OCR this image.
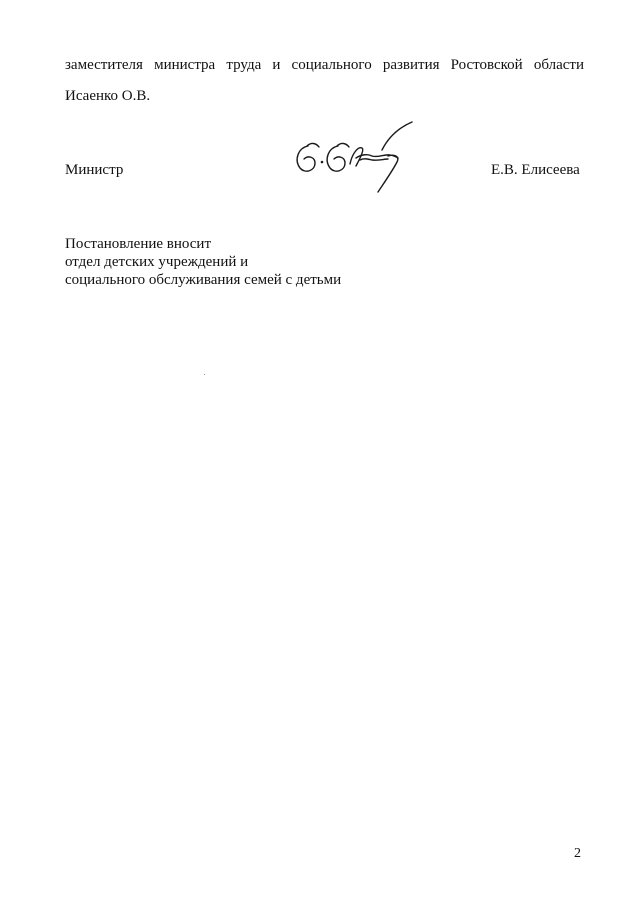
заместителя министра труда и социального развития Ростовской области
Исаенко О.В.
Министр	Е.В. Елисеева
Постановление вносит
отдел детских учреждений и
социального обслуживания семей с детьми
2
